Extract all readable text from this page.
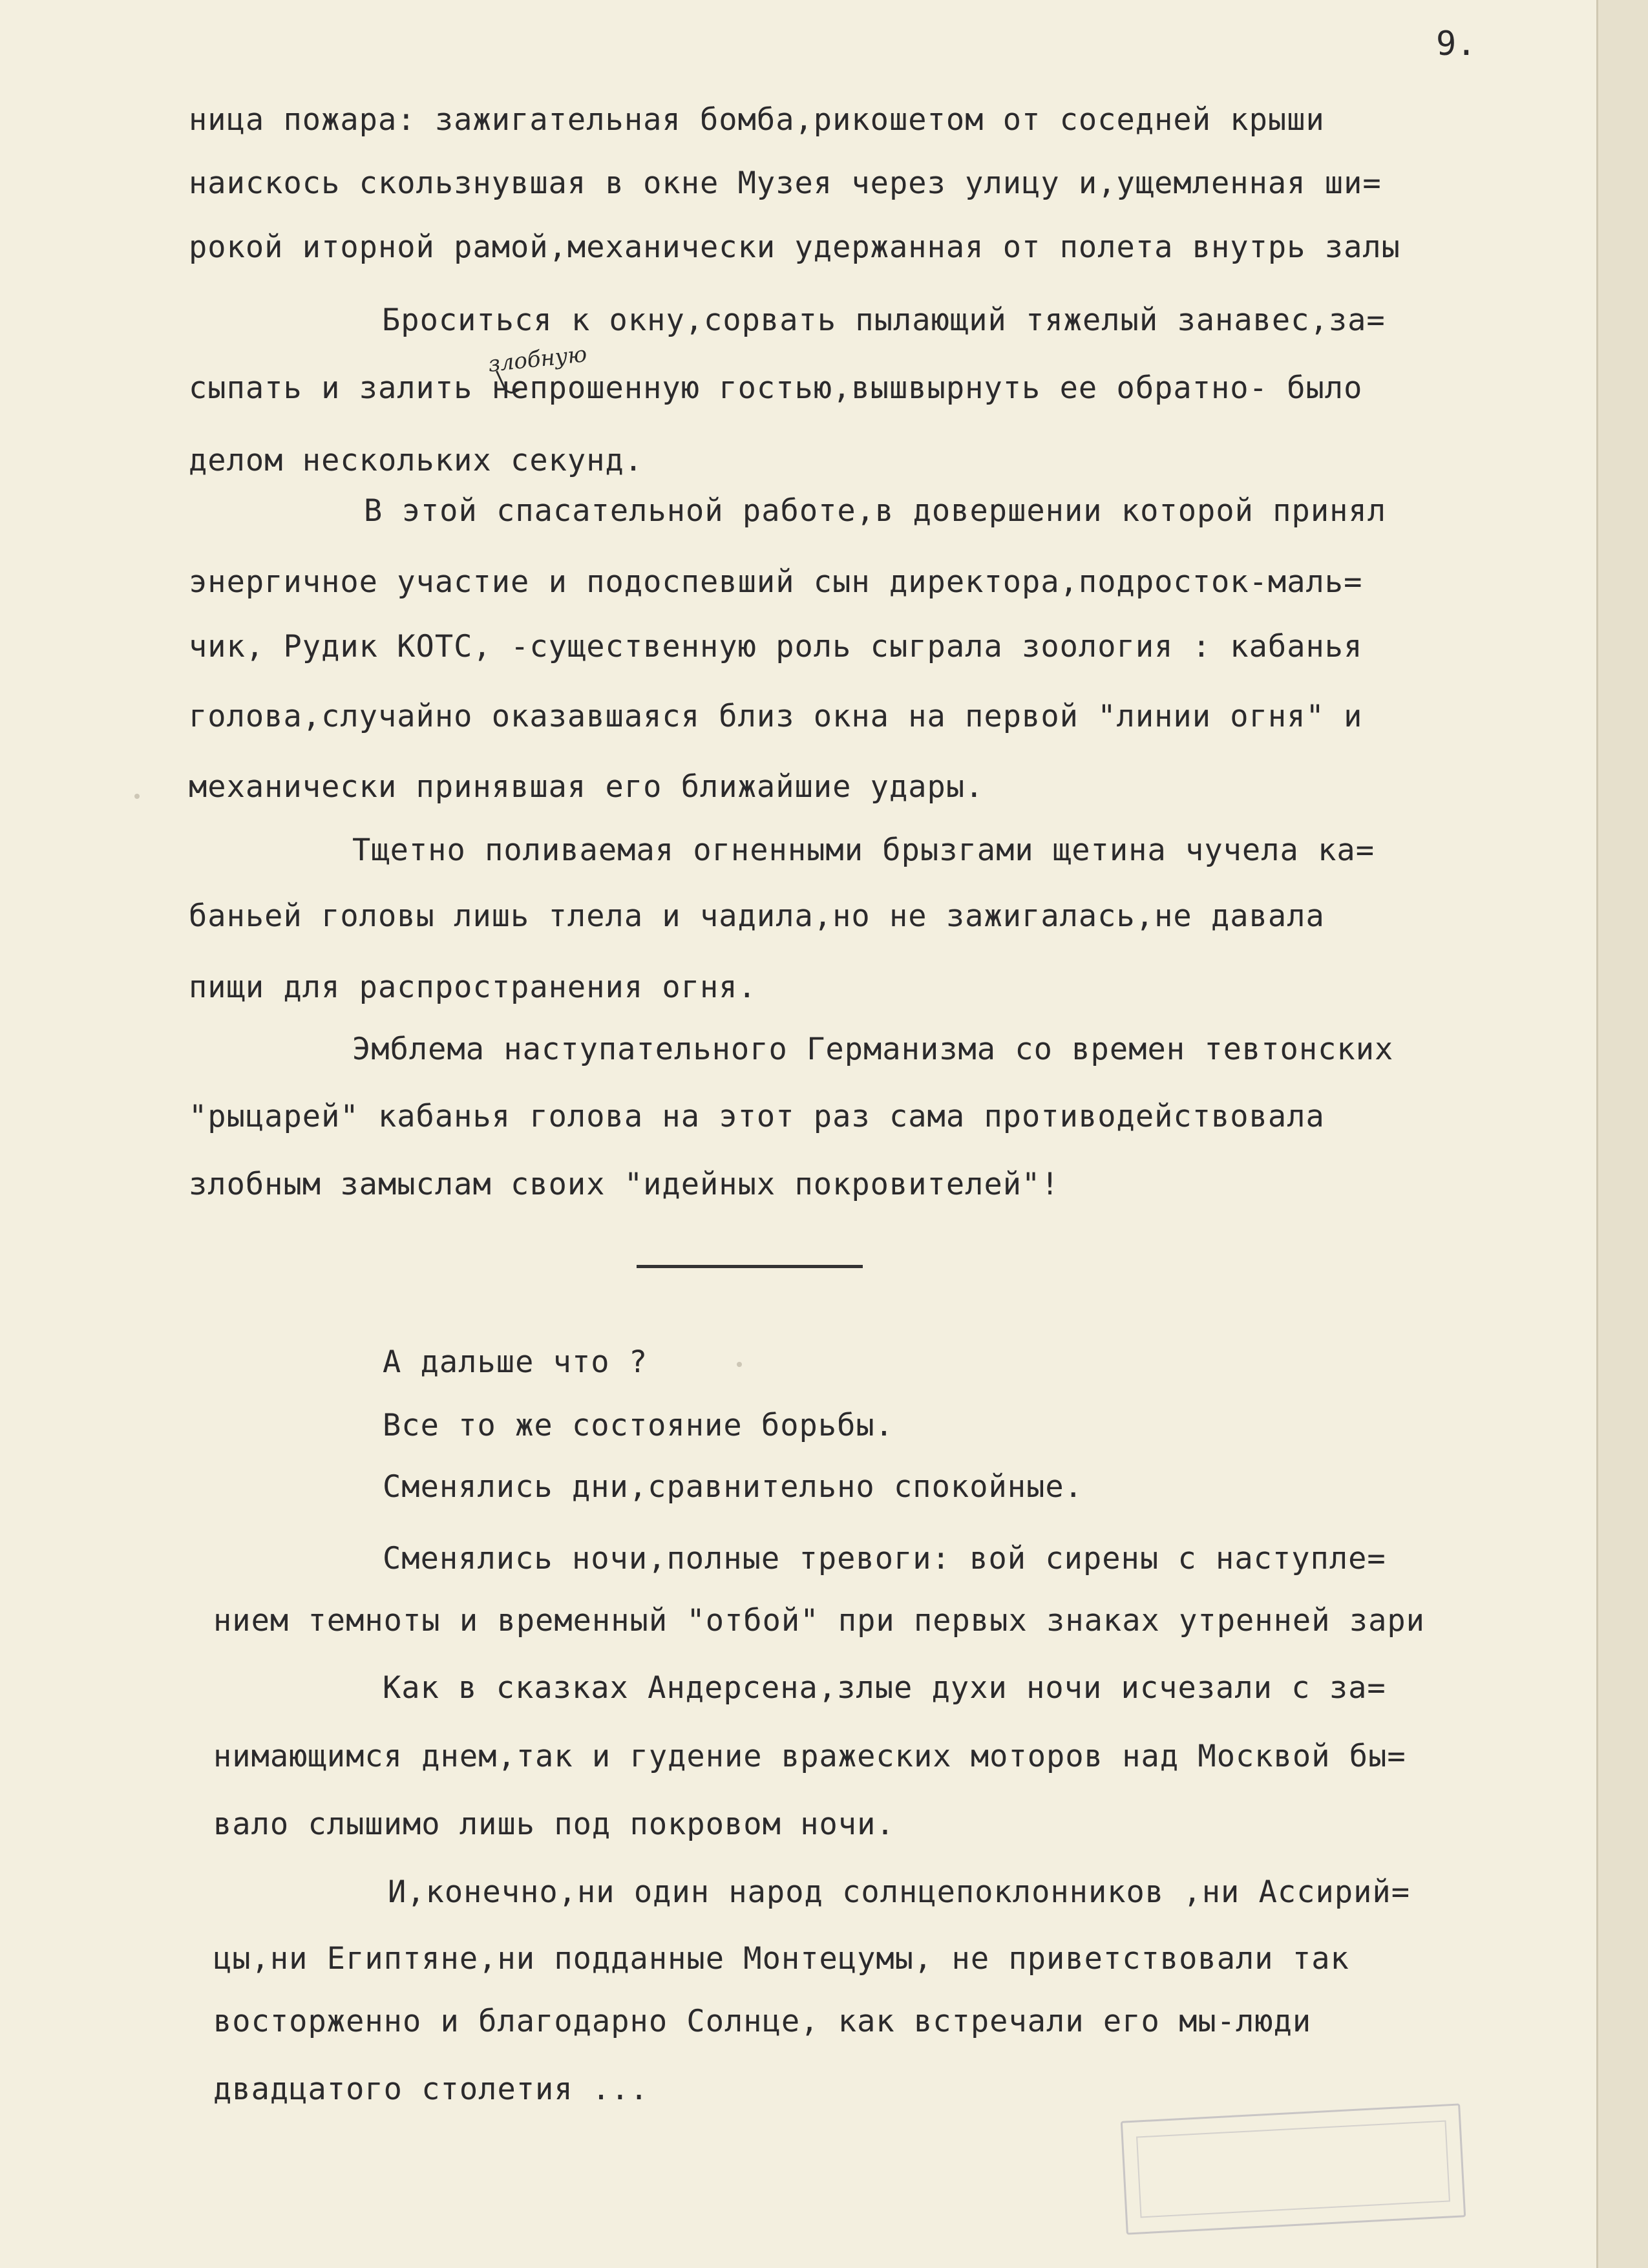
9.
злобную
ница пожара: зажигательная бомба,рикошетом от соседней крыши
наискось скользнувшая в окне Музея через улицу и,ущемленная ши=
рокой иторной рамой,механически удержанная от полета внутрь залы
Броситься к окну,сорвать пылающий тяжелый занавес,за=
сыпать и залить непрошенную гостью,вышвырнуть ее обратно- было
делом нескольких секунд.
В этой спасательной работе,в довершении которой принял
энергичное участие и подоспевший сын директора,подросток-маль=
чик, Рудик КОТС, -существенную роль сыграла зоология : кабанья
голова,случайно оказавшаяся близ окна на первой "линии огня" и
механически принявшая его ближайшие удары.
Тщетно поливаемая огненными брызгами щетина чучела ка=
баньей головы лишь тлела и чадила,но не зажигалась,не давала
пищи для распространения огня.
Эмблема наступательного Германизма со времен тевтонских
"рыцарей" кабанья голова на этот раз сама противодействовала
злобным замыслам своих "идейных покровителей"!
А дальше что ?
Все то же состояние борьбы.
Сменялись дни,сравнительно спокойные.
Сменялись ночи,полные тревоги: вой сирены с наступле=
нием темноты и временный "отбой" при первых знаках утренней зари
Как в сказках Андерсена,злые духи ночи исчезали с за=
нимающимся днем,так и гудение вражеских моторов над Москвой бы=
вало слышимо лишь под покровом ночи.
И,конечно,ни один народ солнцепоклонников ,ни Ассирий=
цы,ни Египтяне,ни подданные Монтецумы, не приветствовали так
восторженно и благодарно Солнце, как встречали его мы-люди
двадцатого столетия ...
